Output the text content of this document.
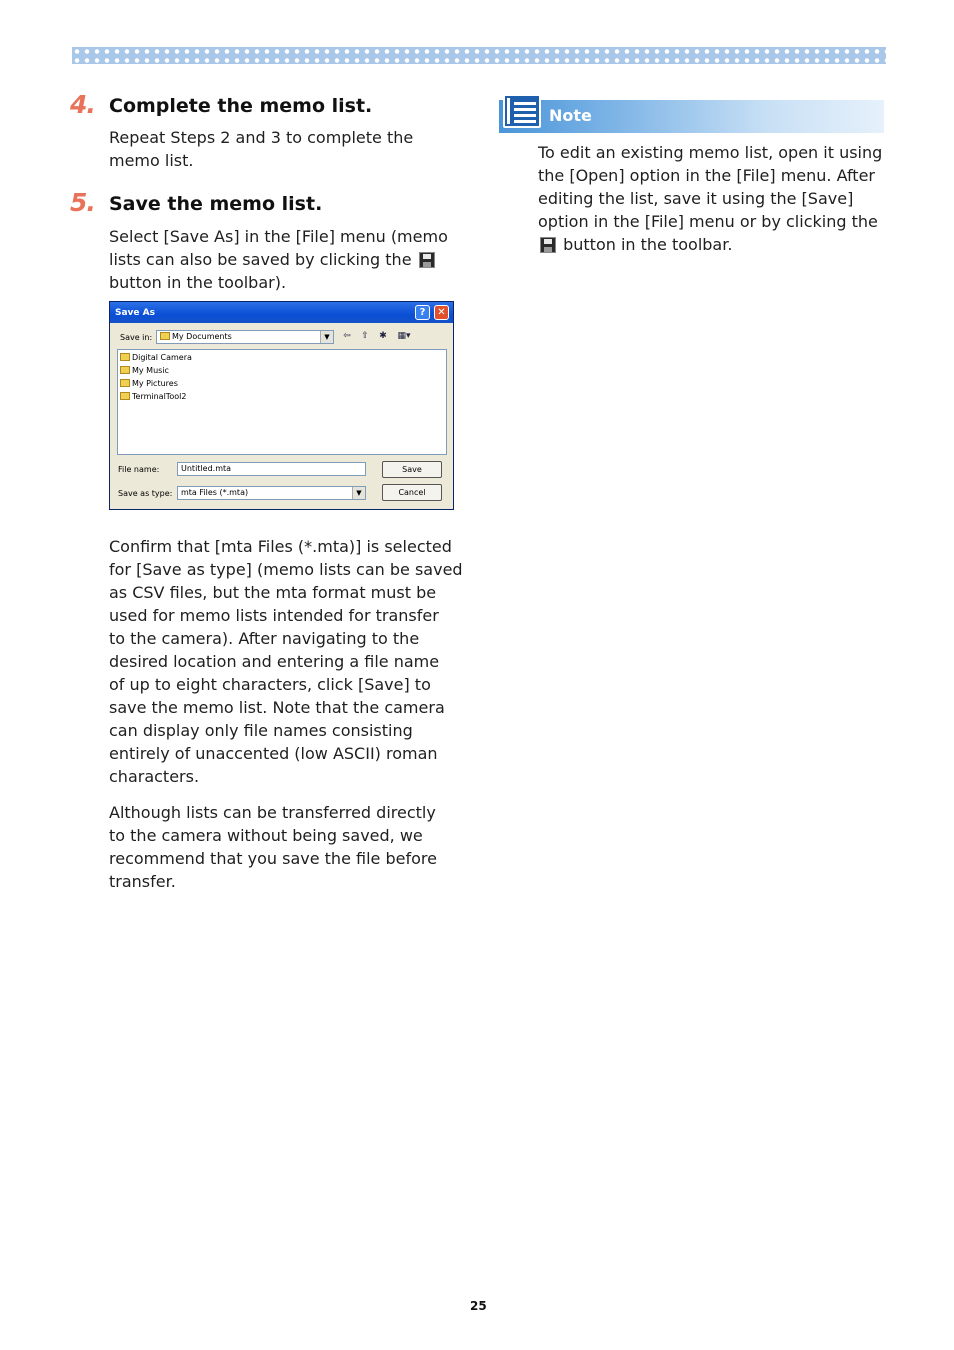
4. Complete the memo list.

Repeat Steps 2 and 3 to complete the
memo list.

5. Save the memo list.

Select [Save As] in the [File] menu (memo
lists can also be saved by clicking the
button in the toolbar).

Save As	?	✕
Save in:	My Documents	▼	⇦ ⇧ ✱ ▦▾
Digital Camera
My Music
My Pictures
TerminalTool2
File name:	Untitled.mta	Save
Save as type:	mta Files (*.mta)	▼	Cancel

Confirm that [mta Files (*.mta)] is selected
for [Save as type] (memo lists can be saved
as CSV files, but the mta format must be
used for memo lists intended for transfer
to the camera). After navigating to the
desired location and entering a file name
of up to eight characters, click [Save] to
save the memo list. Note that the camera
can display only file names consisting
entirely of unaccented (low ASCII) roman
characters.

Although lists can be transferred directly
to the camera without being saved, we
recommend that you save the file before
transfer.

Note

To edit an existing memo list, open it using
the [Open] option in the [File] menu. After
editing the list, save it using the [Save]
option in the [File] menu or by clicking the
button in the toolbar.

25
